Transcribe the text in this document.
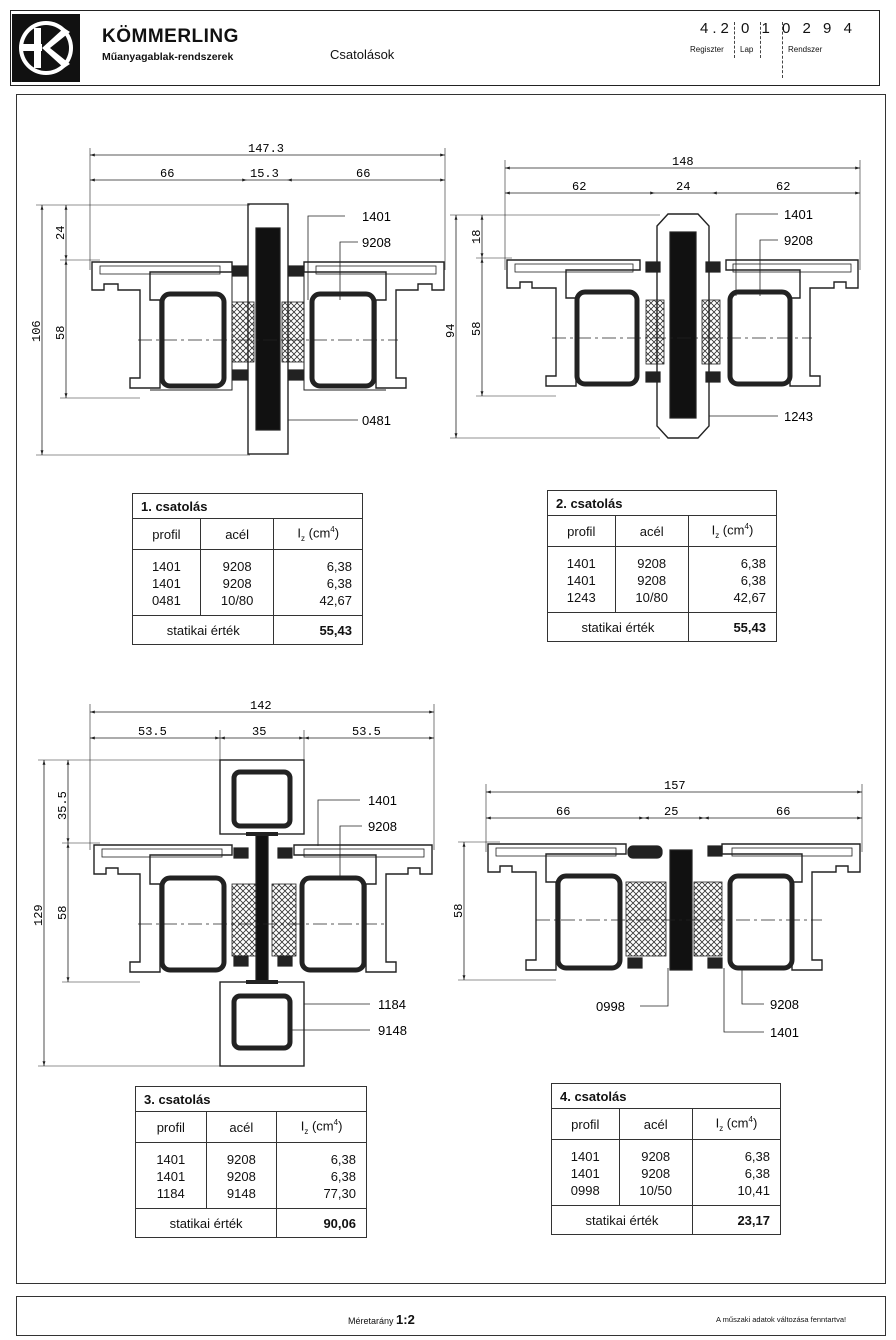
KÖMMERLING
Műanyagablak-rendszerek	Csatolások
4.2 0 1 0 2 9 4
Regiszter Lap	Rendszer
147.3
66	15.3	66
24
58
106
1401
9208
0481
148
62	24	62
18
58
94
1401
9208
1243
142
53.5	35	53.5
35.5
58
129
1401
9208
1184
9148
157
66	25	66
58
0998	9208
1401
1. csatolás		
profil	acél	$I_z$ $(cm^4)$
1401	9208	6,38
1401	9208	6,38
0481	10/80	42,67
statikai érték		55,43
2. csatolás		
profil	acél	$I_z$ $(cm^4)$
1401	9208	6,38
1401	9208	6,38
1243	10/80	42,67
statikai érték		55,43
3. csatolás		
profil	acél	$I_z$ $(cm^4)$
1401	9208	6,38
1401	9208	6,38
1184	9148	77,30
statikai érték		90,06
4. csatolás		
profil	acél	$I_z$ $(cm^4)$
1401	9208	6,38
1401	9208	6,38
0998	10/50	10,41
statikai érték		23,17
Méretarány 1:2	A műszaki adatok változása fenntartva!
